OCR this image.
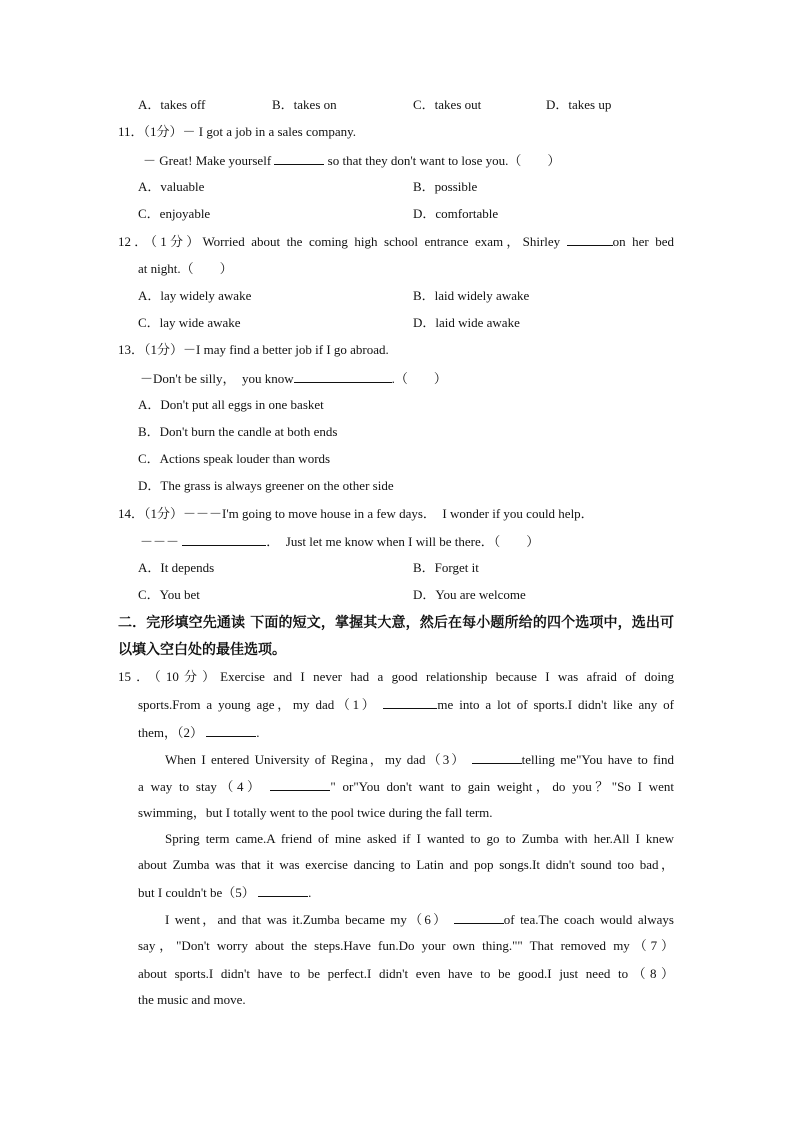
A．takes off	B．takes on	C．takes out	D．takes up
11．（1分）－ I got a job in a sales company.
－ Great! Make yourself	so that they don't want to lose you.（　　）
A．valuable	B．possible
C．enjoyable	D．comfortable
12．（1分）Worried about the coming high school entrance exam，Shirley	on her bed
at night.（　　）
A．lay widely awake	B．laid widely awake
C．lay wide awake	D．laid wide awake
13．（1分）－I may find a better job if I go abroad.
－Don't be silly，　you know	.（　　）
A．Don't put all eggs in one basket
B．Don't burn the candle at both ends
C．Actions speak louder than words
D．The grass is always greener on the other side
14．（1分）－－－I'm going to move house in a few days．　I wonder if you could help．
－－－	．　Just let me know when I will be there．（　　）
A．It depends	B．Forget it
C．You bet	D．You are welcome
二．完形填空先通读 下面的短文，掌握其大意，然后在每小题所给的四个选项中，选出可
以填入空白处的最佳选项。
15．（10分）Exercise and I never had a good relationship because I was afraid of doing
sports.From a young age，my dad（1）	me into a lot of sports.I didn't like any of
them，（2）	.
When I entered University of Regina，my dad（3）	telling me"You have to find
a way to stay（4）	" or"You don't want to gain weight，do you？"So I went
swimming，but I totally went to the pool twice during the fall term.
Spring term came.A friend of mine asked if I wanted to go to Zumba with her.All I knew
about Zumba was that it was exercise dancing to Latin and pop songs.It didn't sound too bad，
but I couldn't be（5）	.
I went，and that was it.Zumba became my（6）	of tea.The coach would always
say，"Don't worry about the steps.Have fun.Do your own thing."" That removed my（7）
about sports.I didn't have to be perfect.I didn't even have to be good.I just need to（8）
the music and move.
